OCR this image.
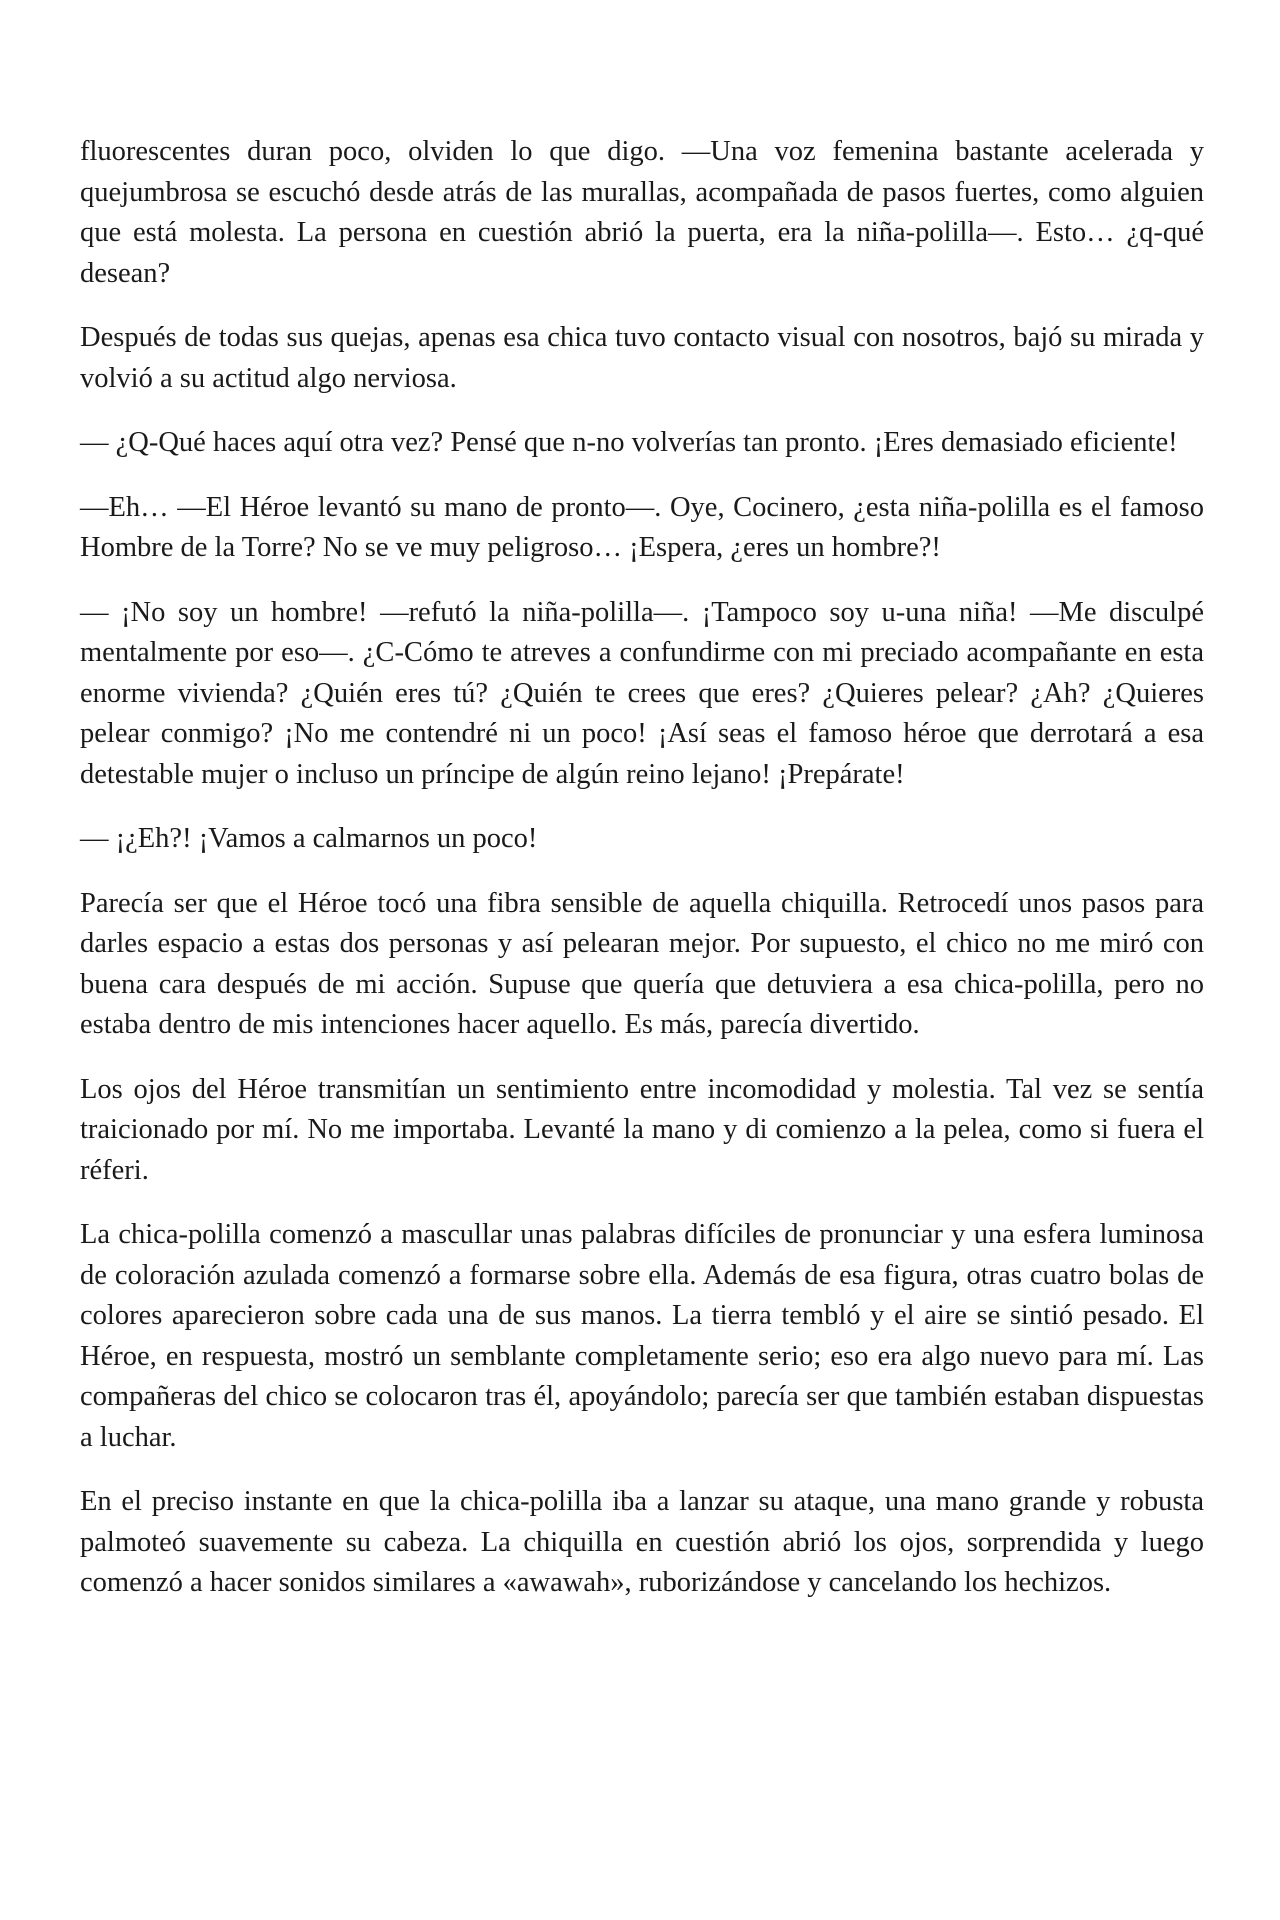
fluorescentes duran poco, olviden lo que digo. —Una voz femenina bastante acelerada y quejumbrosa se escuchó desde atrás de las murallas, acompañada de pasos fuertes, como alguien que está molesta. La persona en cuestión abrió la puerta, era la niña-polilla—. Esto… ¿q-qué desean?

Después de todas sus quejas, apenas esa chica tuvo contacto visual con nosotros, bajó su mirada y volvió a su actitud algo nerviosa.

— ¿Q-Qué haces aquí otra vez? Pensé que n-no volverías tan pronto. ¡Eres demasiado eficiente!

—Eh… —El Héroe levantó su mano de pronto—. Oye, Cocinero, ¿esta niña-polilla es el famoso Hombre de la Torre? No se ve muy peligroso… ¡Espera, ¿eres un hombre?!

— ¡No soy un hombre! —refutó la niña-polilla—. ¡Tampoco soy u-una niña! —Me disculpé mentalmente por eso—. ¿C-Cómo te atreves a confundirme con mi preciado acompañante en esta enorme vivienda? ¿Quién eres tú? ¿Quién te crees que eres? ¿Quieres pelear? ¿Ah? ¿Quieres pelear conmigo? ¡No me contendré ni un poco! ¡Así seas el famoso héroe que derrotará a esa detestable mujer o incluso un príncipe de algún reino lejano! ¡Prepárate!

— ¡¿Eh?! ¡Vamos a calmarnos un poco!

Parecía ser que el Héroe tocó una fibra sensible de aquella chiquilla. Retrocedí unos pasos para darles espacio a estas dos personas y así pelearan mejor. Por supuesto, el chico no me miró con buena cara después de mi acción. Supuse que quería que detuviera a esa chica-polilla, pero no estaba dentro de mis intenciones hacer aquello. Es más, parecía divertido.

Los ojos del Héroe transmitían un sentimiento entre incomodidad y molestia. Tal vez se sentía traicionado por mí. No me importaba. Levanté la mano y di comienzo a la pelea, como si fuera el réferi.

La chica-polilla comenzó a mascullar unas palabras difíciles de pronunciar y una esfera luminosa de coloración azulada comenzó a formarse sobre ella. Además de esa figura, otras cuatro bolas de colores aparecieron sobre cada una de sus manos. La tierra tembló y el aire se sintió pesado. El Héroe, en respuesta, mostró un semblante completamente serio; eso era algo nuevo para mí. Las compañeras del chico se colocaron tras él, apoyándolo; parecía ser que también estaban dispuestas a luchar.

En el preciso instante en que la chica-polilla iba a lanzar su ataque, una mano grande y robusta palmoteó suavemente su cabeza. La chiquilla en cuestión abrió los ojos, sorprendida y luego comenzó a hacer sonidos similares a «awawah», ruborizándose y cancelando los hechizos.
